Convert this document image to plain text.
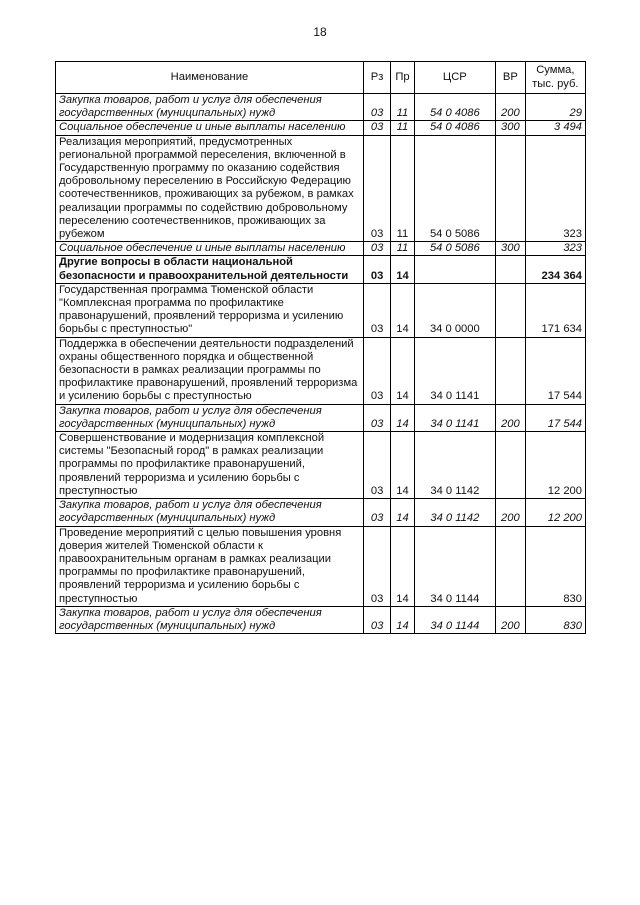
18
Наименование	Рз	Пр	ЦСР	ВР	Сумма, тыс. руб.
Закупка товаров, работ и услуг для обеспечения государственных (муниципальных) нужд	03	11	54 0 4086	200	29
Социальное обеспечение и иные выплаты населению	03	11	54 0 4086	300	3 494
Реализация мероприятий, предусмотренных региональной программой переселения, включенной в Государственную программу по оказанию содействия добровольному переселению в Российскую Федерацию соотечественников, проживающих за рубежом, в рамках реализации программы по содействию добровольному переселению соотечественников, проживающих за рубежом	03	11	54 0 5086		323
Социальное обеспечение и иные выплаты населению	03	11	54 0 5086	300	323
Другие вопросы в области национальной безопасности и правоохранительной деятельности	03	14			234 364
Государственная программа Тюменской области "Комплексная программа по профилактике правонарушений, проявлений терроризма и усилению борьбы с преступностью"	03	14	34 0 0000		171 634
Поддержка в обеспечении деятельности подразделений охраны общественного порядка и общественной безопасности в рамках реализации программы по профилактике правонарушений, проявлений терроризма и усилению борьбы с преступностью	03	14	34 0 1141		17 544
Закупка товаров, работ и услуг для обеспечения государственных (муниципальных) нужд	03	14	34 0 1141	200	17 544
Совершенствование и модернизация комплексной системы "Безопасный город" в рамках реализации программы по профилактике правонарушений, проявлений терроризма и усилению борьбы с преступностью	03	14	34 0 1142		12 200
Закупка товаров, работ и услуг для обеспечения государственных (муниципальных) нужд	03	14	34 0 1142	200	12 200
Проведение мероприятий с целью повышения уровня доверия жителей Тюменской области к правоохранительным органам в рамках реализации программы по профилактике правонарушений, проявлений терроризма и усилению борьбы с преступностью	03	14	34 0 1144		830
Закупка товаров, работ и услуг для обеспечения государственных (муниципальных) нужд	03	14	34 0 1144	200	830
